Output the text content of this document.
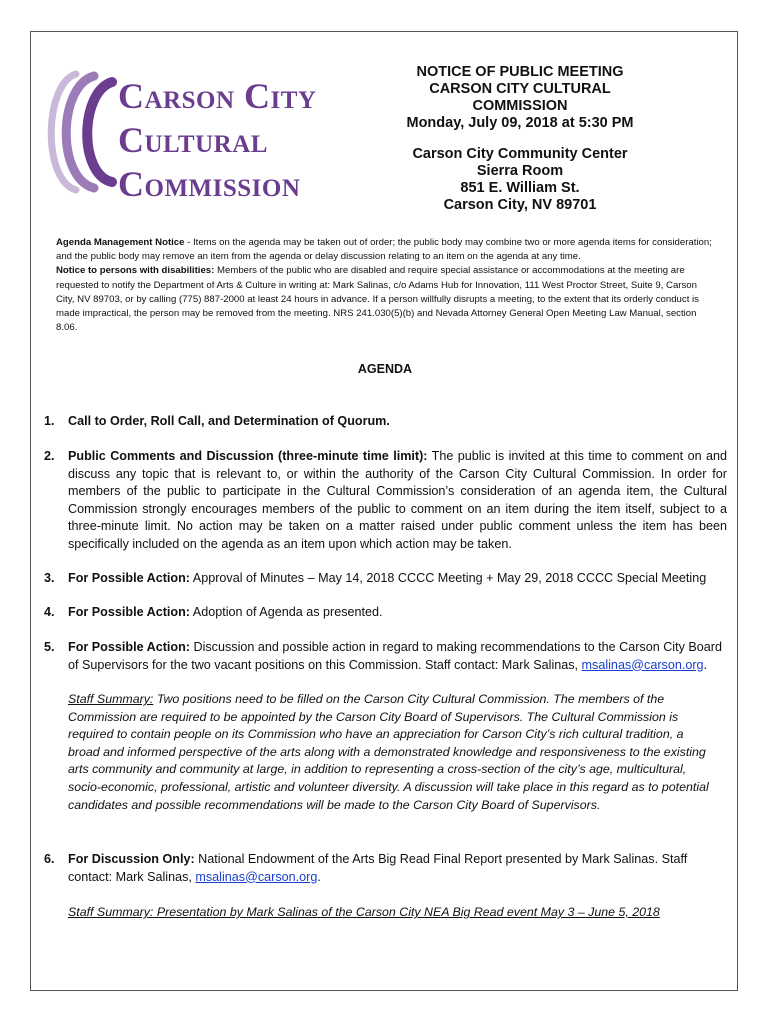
Carson City
Cultural
Commission
NOTICE OF PUBLIC MEETING
CARSON CITY CULTURAL COMMISSION
Monday, July 09, 2018 at 5:30 PM
Carson City Community Center
Sierra Room
851 E. William St.
Carson City, NV 89701
Agenda Management Notice - Items on the agenda may be taken out of order; the public body may combine two or more agenda items for consideration; and the public body may remove an item from the agenda or delay discussion relating to an item on the agenda at any time.
Notice to persons with disabilities: Members of the public who are disabled and require special assistance or accommodations at the meeting are requested to notify the Department of Arts & Culture in writing at: Mark Salinas, c/o Adams Hub for Innovation, 111 West Proctor Street, Suite 9, Carson City, NV 89703, or by calling (775) 887-2000 at least 24 hours in advance. If a person willfully disrupts a meeting, to the extent that its orderly conduct is made impractical, the person may be removed from the meeting. NRS 241.030(5)(b) and Nevada Attorney General Open Meeting Law Manual, section 8.06.
AGENDA
1. Call to Order, Roll Call, and Determination of Quorum.
2. Public Comments and Discussion (three-minute time limit): The public is invited at this time to comment on and discuss any topic that is relevant to, or within the authority of the Carson City Cultural Commission. In order for members of the public to participate in the Cultural Commission’s consideration of an agenda item, the Cultural Commission strongly encourages members of the public to comment on an item during the item itself, subject to a three-minute limit. No action may be taken on a matter raised under public comment unless the item has been specifically included on the agenda as an item upon which action may be taken.
3. For Possible Action: Approval of Minutes – May 14, 2018 CCCC Meeting + May 29, 2018 CCCC Special Meeting
4. For Possible Action: Adoption of Agenda as presented.
5. For Possible Action: Discussion and possible action in regard to making recommendations to the Carson City Board of Supervisors for the two vacant positions on this Commission. Staff contact: Mark Salinas, msalinas@carson.org.
Staff Summary: Two positions need to be filled on the Carson City Cultural Commission. The members of the Commission are required to be appointed by the Carson City Board of Supervisors. The Cultural Commission is required to contain people on its Commission who have an appreciation for Carson City’s rich cultural tradition, a broad and informed perspective of the arts along with a demonstrated knowledge and responsiveness to the existing arts community and community at large, in addition to representing a cross-section of the city’s age, multicultural, socio-economic, professional, artistic and volunteer diversity. A discussion will take place in this regard as to potential candidates and possible recommendations will be made to the Carson City Board of Supervisors.
6. For Discussion Only: National Endowment of the Arts Big Read Final Report presented by Mark Salinas. Staff contact: Mark Salinas, msalinas@carson.org.
Staff Summary: Presentation by Mark Salinas of the Carson City NEA Big Read event May 3 – June 5, 2018
